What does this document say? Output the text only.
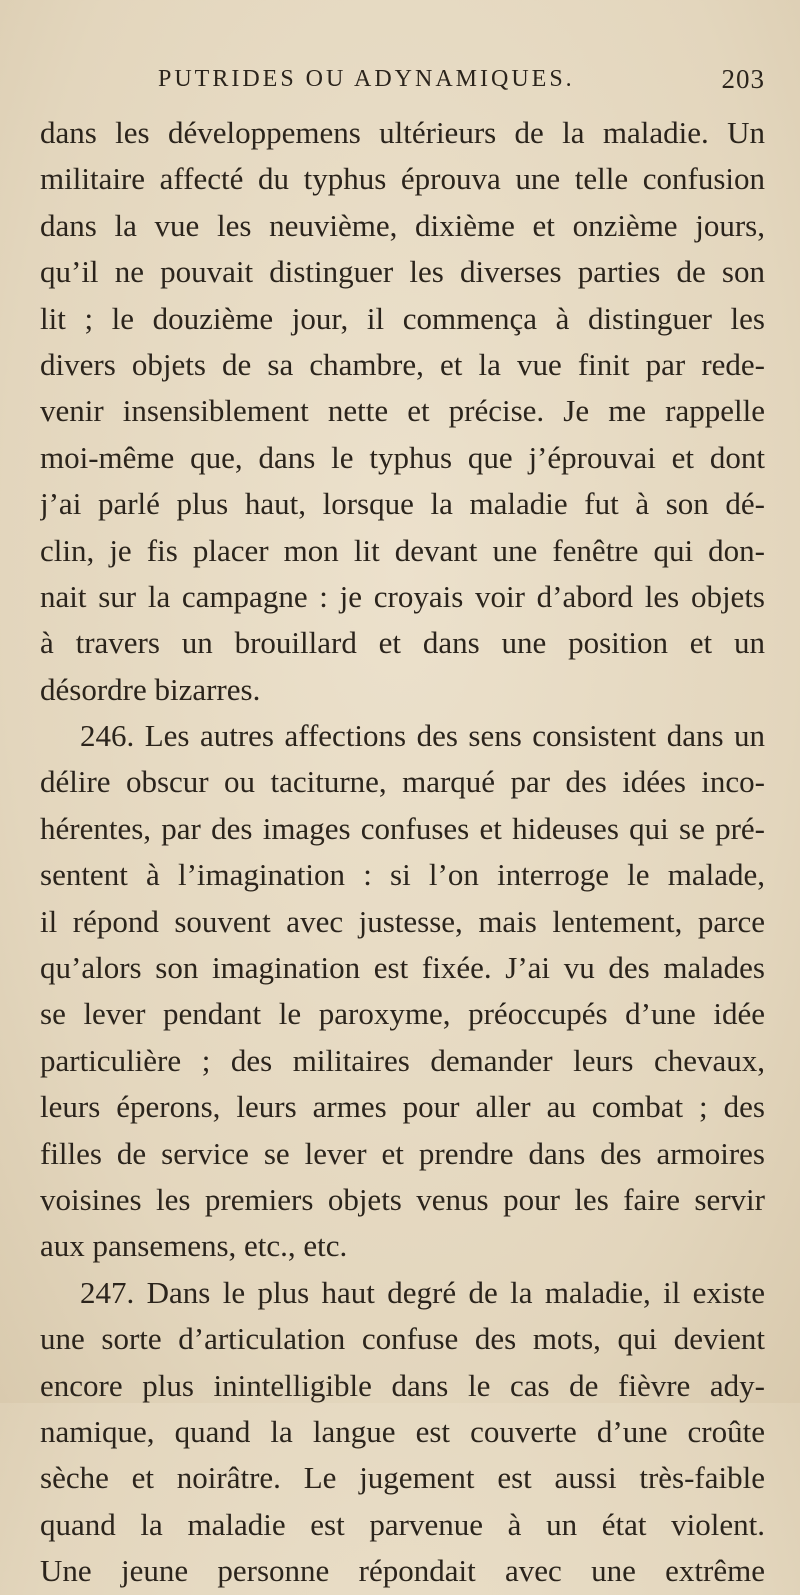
PUTRIDES OU ADYNAMIQUES.	203
dans les développemens ultérieurs de la maladie. Un
militaire affecté du typhus éprouva une telle confusion
dans la vue les neuvième, dixième et onzième jours,
qu’il ne pouvait distinguer les diverses parties de son
lit ; le douzième jour, il commença à distinguer les
divers objets de sa chambre, et la vue finit par rede-
venir insensiblement nette et précise. Je me rappelle
moi-même que, dans le typhus que j’éprouvai et dont
j’ai parlé plus haut, lorsque la maladie fut à son dé-
clin, je fis placer mon lit devant une fenêtre qui don-
nait sur la campagne : je croyais voir d’abord les objets
à travers un brouillard et dans une position et un
désordre bizarres.
246. Les autres affections des sens consistent dans un
délire obscur ou taciturne, marqué par des idées inco-
hérentes, par des images confuses et hideuses qui se pré-
sentent à l’imagination : si l’on interroge le malade,
il répond souvent avec justesse, mais lentement, parce
qu’alors son imagination est fixée. J’ai vu des malades
se lever pendant le paroxyme, préoccupés d’une idée
particulière ; des militaires demander leurs chevaux,
leurs éperons, leurs armes pour aller au combat ; des
filles de service se lever et prendre dans des armoires
voisines les premiers objets venus pour les faire servir
aux pansemens, etc., etc.
247. Dans le plus haut degré de la maladie, il existe
une sorte d’articulation confuse des mots, qui devient
encore plus inintelligible dans le cas de fièvre ady-
namique, quand la langue est couverte d’une croûte
sèche et noirâtre. Le jugement est aussi très-faible
quand la maladie est parvenue à un état violent.
Une jeune personne répondait avec une extrême
